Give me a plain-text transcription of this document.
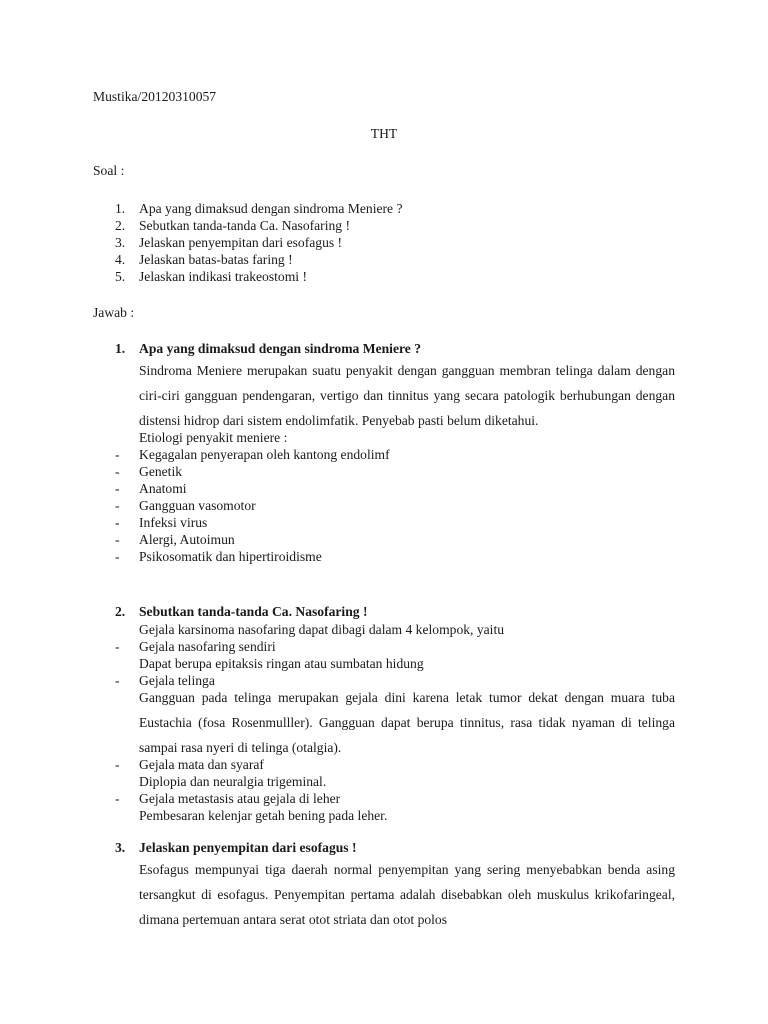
Mustika/20120310057
THT
Soal :
1.	Apa yang dimaksud dengan sindroma Meniere ?
2.	Sebutkan tanda-tanda Ca. Nasofaring !
3.	Jelaskan penyempitan dari esofagus !
4.	Jelaskan batas-batas faring !
5.	Jelaskan indikasi trakeostomi !
Jawab :
1.	Apa yang dimaksud dengan sindroma Meniere ?

Sindroma Meniere merupakan suatu penyakit dengan gangguan membran telinga dalam dengan ciri-ciri gangguan pendengaran, vertigo dan tinnitus yang secara patologik berhubungan dengan distensi hidrop dari sistem endolimfatik. Penyebab pasti belum diketahui.

Etiologi penyakit meniere :
-	Kegagalan penyerapan oleh kantong endolimf
-	Genetik
-	Anatomi
-	Gangguan vasomotor
-	Infeksi virus
-	Alergi, Autoimun
-	Psikosomatik dan hipertiroidisme
2.	Sebutkan tanda-tanda Ca. Nasofaring !
Gejala karsinoma nasofaring dapat dibagi dalam 4 kelompok, yaitu
-	Gejala nasofaring sendiri
Dapat berupa epitaksis ringan atau sumbatan hidung
-	Gejala telinga
Gangguan pada telinga merupakan gejala dini karena letak tumor dekat dengan muara tuba Eustachia (fosa Rosenmulller). Gangguan dapat berupa tinnitus, rasa tidak nyaman di telinga sampai rasa nyeri di telinga (otalgia).
-	Gejala mata dan syaraf
Diplopia dan neuralgia trigeminal.
-	Gejala metastasis atau gejala di leher
Pembesaran kelenjar getah bening pada leher.
3.	Jelaskan penyempitan dari esofagus !

Esofagus mempunyai tiga daerah normal penyempitan yang sering menyebabkan benda asing tersangkut di esofagus. Penyempitan pertama adalah disebabkan oleh muskulus krikofaringeal, dimana pertemuan antara serat otot striata dan otot polos
